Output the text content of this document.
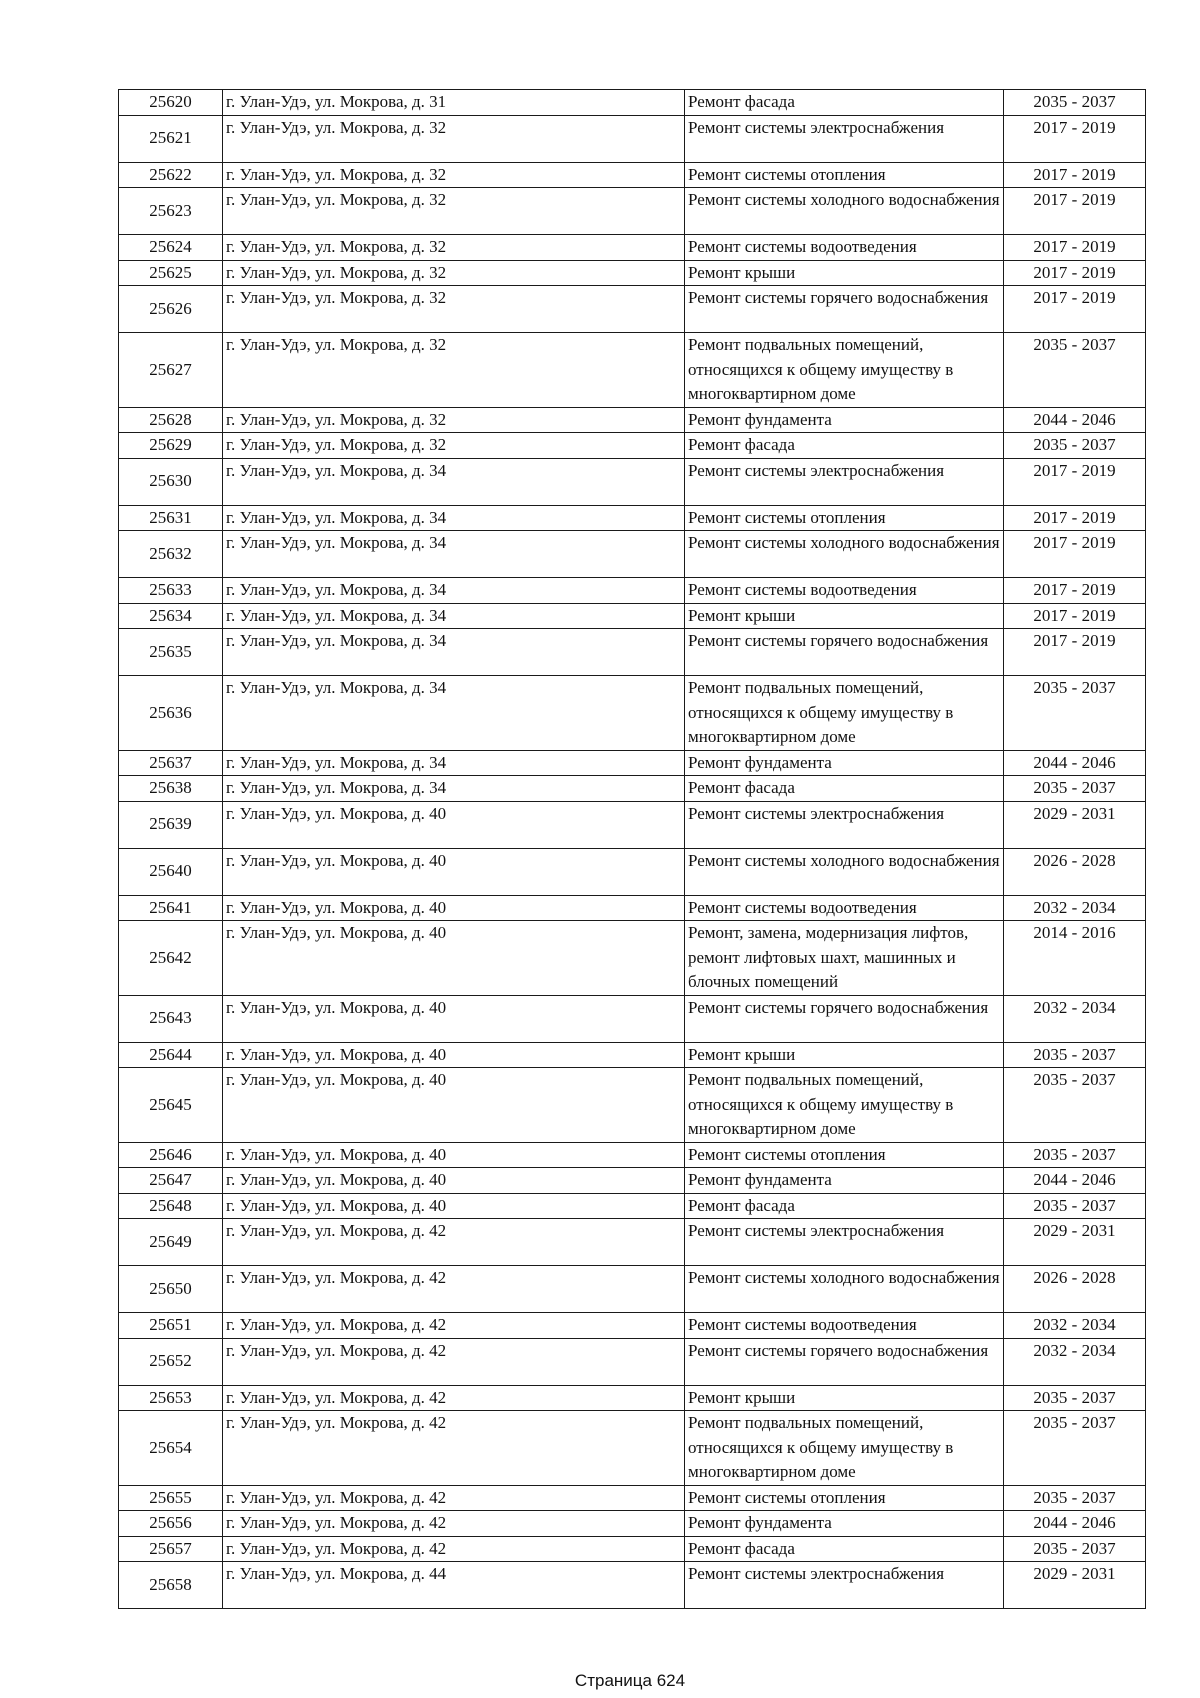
25620	г. Улан-Удэ, ул. Мокрова, д. 31	Ремонт фасада	2035 - 2037
25621	г. Улан-Удэ, ул. Мокрова, д. 32	Ремонт системы электроснабжения	2017 - 2019
25622	г. Улан-Удэ, ул. Мокрова, д. 32	Ремонт системы отопления	2017 - 2019
25623	г. Улан-Удэ, ул. Мокрова, д. 32	Ремонт системы холодного водоснабжения	2017 - 2019
25624	г. Улан-Удэ, ул. Мокрова, д. 32	Ремонт системы водоотведения	2017 - 2019
25625	г. Улан-Удэ, ул. Мокрова, д. 32	Ремонт крыши	2017 - 2019
25626	г. Улан-Удэ, ул. Мокрова, д. 32	Ремонт системы горячего водоснабжения	2017 - 2019
25627	г. Улан-Удэ, ул. Мокрова, д. 32	Ремонт подвальных помещений, относящихся к общему имуществу в многоквартирном доме	2035 - 2037
25628	г. Улан-Удэ, ул. Мокрова, д. 32	Ремонт фундамента	2044 - 2046
25629	г. Улан-Удэ, ул. Мокрова, д. 32	Ремонт фасада	2035 - 2037
25630	г. Улан-Удэ, ул. Мокрова, д. 34	Ремонт системы электроснабжения	2017 - 2019
25631	г. Улан-Удэ, ул. Мокрова, д. 34	Ремонт системы отопления	2017 - 2019
25632	г. Улан-Удэ, ул. Мокрова, д. 34	Ремонт системы холодного водоснабжения	2017 - 2019
25633	г. Улан-Удэ, ул. Мокрова, д. 34	Ремонт системы водоотведения	2017 - 2019
25634	г. Улан-Удэ, ул. Мокрова, д. 34	Ремонт крыши	2017 - 2019
25635	г. Улан-Удэ, ул. Мокрова, д. 34	Ремонт системы горячего водоснабжения	2017 - 2019
25636	г. Улан-Удэ, ул. Мокрова, д. 34	Ремонт подвальных помещений, относящихся к общему имуществу в многоквартирном доме	2035 - 2037
25637	г. Улан-Удэ, ул. Мокрова, д. 34	Ремонт фундамента	2044 - 2046
25638	г. Улан-Удэ, ул. Мокрова, д. 34	Ремонт фасада	2035 - 2037
25639	г. Улан-Удэ, ул. Мокрова, д. 40	Ремонт системы электроснабжения	2029 - 2031
25640	г. Улан-Удэ, ул. Мокрова, д. 40	Ремонт системы холодного водоснабжения	2026 - 2028
25641	г. Улан-Удэ, ул. Мокрова, д. 40	Ремонт системы водоотведения	2032 - 2034
25642	г. Улан-Удэ, ул. Мокрова, д. 40	Ремонт, замена, модернизация лифтов, ремонт лифтовых шахт, машинных и блочных помещений	2014 - 2016
25643	г. Улан-Удэ, ул. Мокрова, д. 40	Ремонт системы горячего водоснабжения	2032 - 2034
25644	г. Улан-Удэ, ул. Мокрова, д. 40	Ремонт крыши	2035 - 2037
25645	г. Улан-Удэ, ул. Мокрова, д. 40	Ремонт подвальных помещений, относящихся к общему имуществу в многоквартирном доме	2035 - 2037
25646	г. Улан-Удэ, ул. Мокрова, д. 40	Ремонт системы отопления	2035 - 2037
25647	г. Улан-Удэ, ул. Мокрова, д. 40	Ремонт фундамента	2044 - 2046
25648	г. Улан-Удэ, ул. Мокрова, д. 40	Ремонт фасада	2035 - 2037
25649	г. Улан-Удэ, ул. Мокрова, д. 42	Ремонт системы электроснабжения	2029 - 2031
25650	г. Улан-Удэ, ул. Мокрова, д. 42	Ремонт системы холодного водоснабжения	2026 - 2028
25651	г. Улан-Удэ, ул. Мокрова, д. 42	Ремонт системы водоотведения	2032 - 2034
25652	г. Улан-Удэ, ул. Мокрова, д. 42	Ремонт системы горячего водоснабжения	2032 - 2034
25653	г. Улан-Удэ, ул. Мокрова, д. 42	Ремонт крыши	2035 - 2037
25654	г. Улан-Удэ, ул. Мокрова, д. 42	Ремонт подвальных помещений, относящихся к общему имуществу в многоквартирном доме	2035 - 2037
25655	г. Улан-Удэ, ул. Мокрова, д. 42	Ремонт системы отопления	2035 - 2037
25656	г. Улан-Удэ, ул. Мокрова, д. 42	Ремонт фундамента	2044 - 2046
25657	г. Улан-Удэ, ул. Мокрова, д. 42	Ремонт фасада	2035 - 2037
25658	г. Улан-Удэ, ул. Мокрова, д. 44	Ремонт системы электроснабжения	2029 - 2031
Страница 624
